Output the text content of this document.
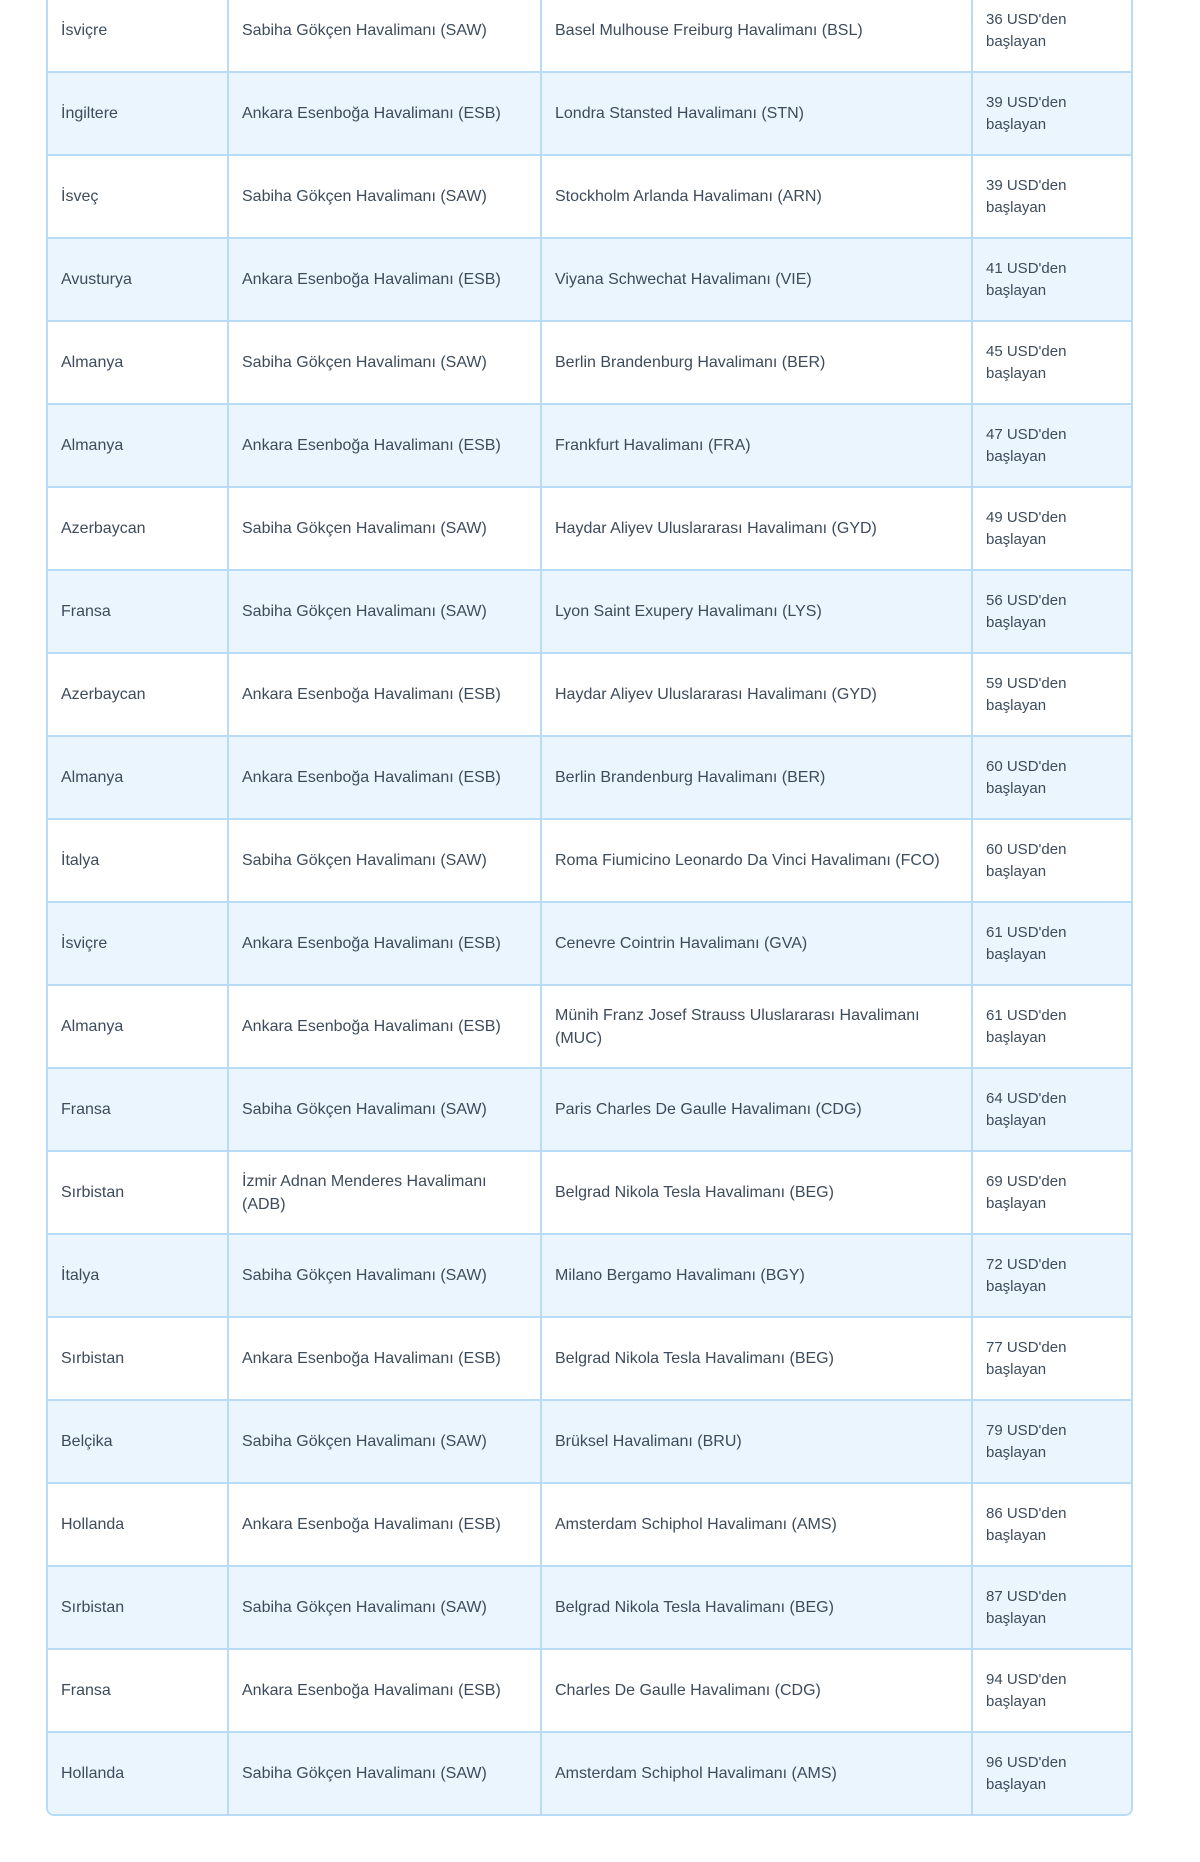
İsviçre	Sabiha Gökçen Havalimanı (SAW)	Basel Mulhouse Freiburg Havalimanı (BSL)	36 USD'den başlayan
İngiltere	Ankara Esenboğa Havalimanı (ESB)	Londra Stansted Havalimanı (STN)	39 USD'den başlayan
İsveç	Sabiha Gökçen Havalimanı (SAW)	Stockholm Arlanda Havalimanı (ARN)	39 USD'den başlayan
Avusturya	Ankara Esenboğa Havalimanı (ESB)	Viyana Schwechat Havalimanı (VIE)	41 USD'den başlayan
Almanya	Sabiha Gökçen Havalimanı (SAW)	Berlin Brandenburg Havalimanı (BER)	45 USD'den başlayan
Almanya	Ankara Esenboğa Havalimanı (ESB)	Frankfurt Havalimanı (FRA)	47 USD'den başlayan
Azerbaycan	Sabiha Gökçen Havalimanı (SAW)	Haydar Aliyev Uluslararası Havalimanı (GYD)	49 USD'den başlayan
Fransa	Sabiha Gökçen Havalimanı (SAW)	Lyon Saint Exupery Havalimanı (LYS)	56 USD'den başlayan
Azerbaycan	Ankara Esenboğa Havalimanı (ESB)	Haydar Aliyev Uluslararası Havalimanı (GYD)	59 USD'den başlayan
Almanya	Ankara Esenboğa Havalimanı (ESB)	Berlin Brandenburg Havalimanı (BER)	60 USD'den başlayan
İtalya	Sabiha Gökçen Havalimanı (SAW)	Roma Fiumicino Leonardo Da Vinci Havalimanı (FCO)	60 USD'den başlayan
İsviçre	Ankara Esenboğa Havalimanı (ESB)	Cenevre Cointrin Havalimanı (GVA)	61 USD'den başlayan
Almanya	Ankara Esenboğa Havalimanı (ESB)	Münih Franz Josef Strauss Uluslararası Havalimanı (MUC)	61 USD'den başlayan
Fransa	Sabiha Gökçen Havalimanı (SAW)	Paris Charles De Gaulle Havalimanı (CDG)	64 USD'den başlayan
Sırbistan	İzmir Adnan Menderes Havalimanı (ADB)	Belgrad Nikola Tesla Havalimanı (BEG)	69 USD'den başlayan
İtalya	Sabiha Gökçen Havalimanı (SAW)	Milano Bergamo Havalimanı (BGY)	72 USD'den başlayan
Sırbistan	Ankara Esenboğa Havalimanı (ESB)	Belgrad Nikola Tesla Havalimanı (BEG)	77 USD'den başlayan
Belçika	Sabiha Gökçen Havalimanı (SAW)	Brüksel Havalimanı (BRU)	79 USD'den başlayan
Hollanda	Ankara Esenboğa Havalimanı (ESB)	Amsterdam Schiphol Havalimanı (AMS)	86 USD'den başlayan
Sırbistan	Sabiha Gökçen Havalimanı (SAW)	Belgrad Nikola Tesla Havalimanı (BEG)	87 USD'den başlayan
Fransa	Ankara Esenboğa Havalimanı (ESB)	Charles De Gaulle Havalimanı (CDG)	94 USD'den başlayan
Hollanda	Sabiha Gökçen Havalimanı (SAW)	Amsterdam Schiphol Havalimanı (AMS)	96 USD'den başlayan
